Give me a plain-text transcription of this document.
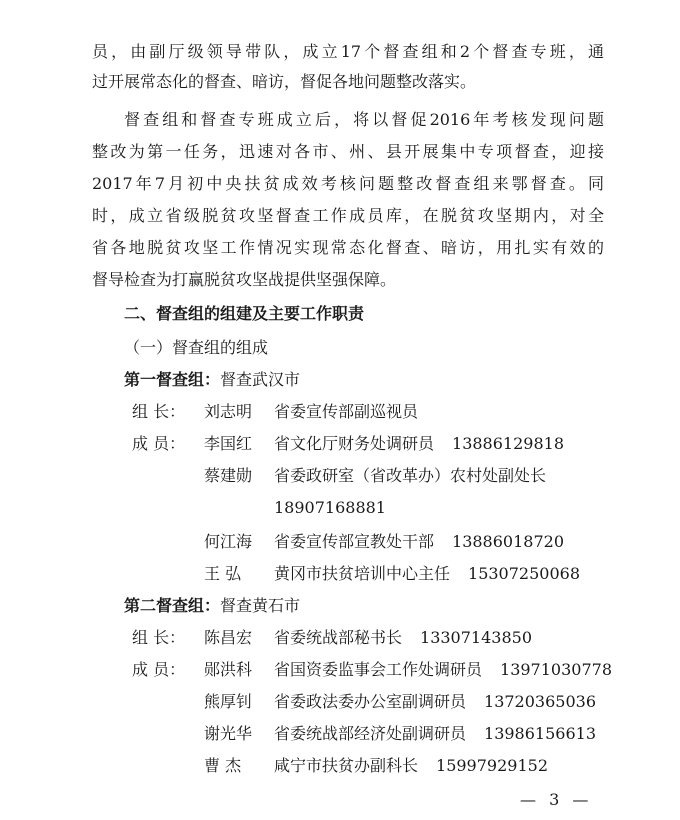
员，由副厅级领导带队，成立17个督查组和2个督查专班，通
过开展常态化的督查、暗访，督促各地问题整改落实。
督查组和督查专班成立后，将以督促2016年考核发现问题
整改为第一任务，迅速对各市、州、县开展集中专项督查，迎接
2017年7月初中央扶贫成效考核问题整改督查组来鄂督查。同
时，成立省级脱贫攻坚督查工作成员库，在脱贫攻坚期内，对全
省各地脱贫攻坚工作情况实现常态化督查、暗访，用扎实有效的
督导检查为打赢脱贫攻坚战提供坚强保障。
二、督查组的组建及主要工作职责
（一）督查组的组成
第一督查组：督查武汉市
组 长： 刘志明 省委宣传部副巡视员
成 员： 李国红 省文化厅财务处调研员 13886129818
蔡建勋 省委政研室（省改革办）农村处副处长
18907168881
何江海 省委宣传部宣教处干部 13886018720
王 弘 黄冈市扶贫培训中心主任 15307250068
第二督查组：督查黄石市
组 长： 陈昌宏 省委统战部秘书长 13307143850
成 员： 郧洪科 省国资委监事会工作处调研员 13971030778
熊厚钊 省委政法委办公室副调研员 13720365036
谢光华 省委统战部经济处副调研员 13986156613
曹 杰 咸宁市扶贫办副科长 15997929152
— 3 —
